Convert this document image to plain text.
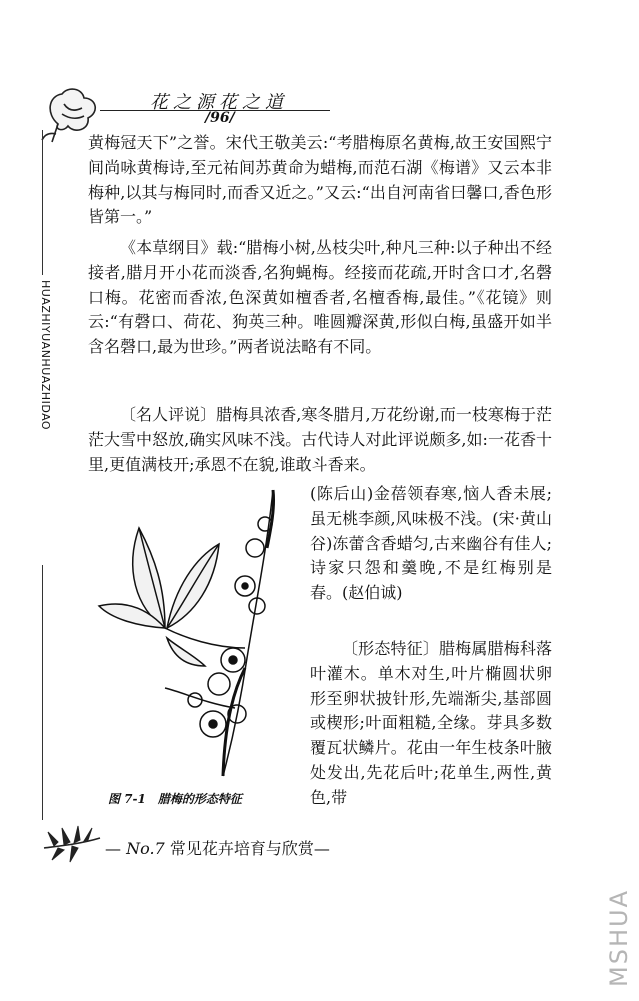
花之源花之道
/96/
HUAZHIYUANHUAZHIDAO

黄梅冠天下”之誉。宋代王敬美云:“考腊梅原名黄梅,故王安国熙宁间尚咏黄梅诗,至元祐间苏黄命为蜡梅,而范石湖《梅谱》又云本非梅种,以其与梅同时,而香又近之。”又云:“出自河南省曰馨口,香色形皆第一。”

《本草纲目》载:“腊梅小树,丛枝尖叶,种凡三种:以子种出不经接者,腊月开小花而淡香,名狗蝇梅。经接而花疏,开时含口才,名磬口梅。花密而香浓,色深黄如檀香者,名檀香梅,最佳。”《花镜》则云:“有磬口、荷花、狗英三种。唯圆瓣深黄,形似白梅,虽盛开如半含名磬口,最为世珍。”两者说法略有不同。

〔名人评说〕腊梅具浓香,寒冬腊月,万花纷谢,而一枝寒梅于茫茫大雪中怒放,确实风味不浅。古代诗人对此评说颇多,如:一花香十里,更值满枝开;承恩不在貌,谁敢斗香来。

(陈后山)金蓓领春寒,恼人香未展;虽无桃李颜,风味极不浅。(宋·黄山谷)冻蕾含香蜡匀,古来幽谷有佳人;诗家只怨和羹晚,不是红梅别是春。(赵伯诚)

〔形态特征〕腊梅属腊梅科落叶灌木。单木对生,叶片椭圆状卵形至卵状披针形,先端渐尖,基部圆或楔形;叶面粗糙,全缘。芽具多数覆瓦状鳞片。花由一年生枝条叶腋处发出,先花后叶;花单生,两性,黄色,带

图 7-1　腊梅的形态特征
— No.7 常见花卉培育与欣赏—
MSHUA
